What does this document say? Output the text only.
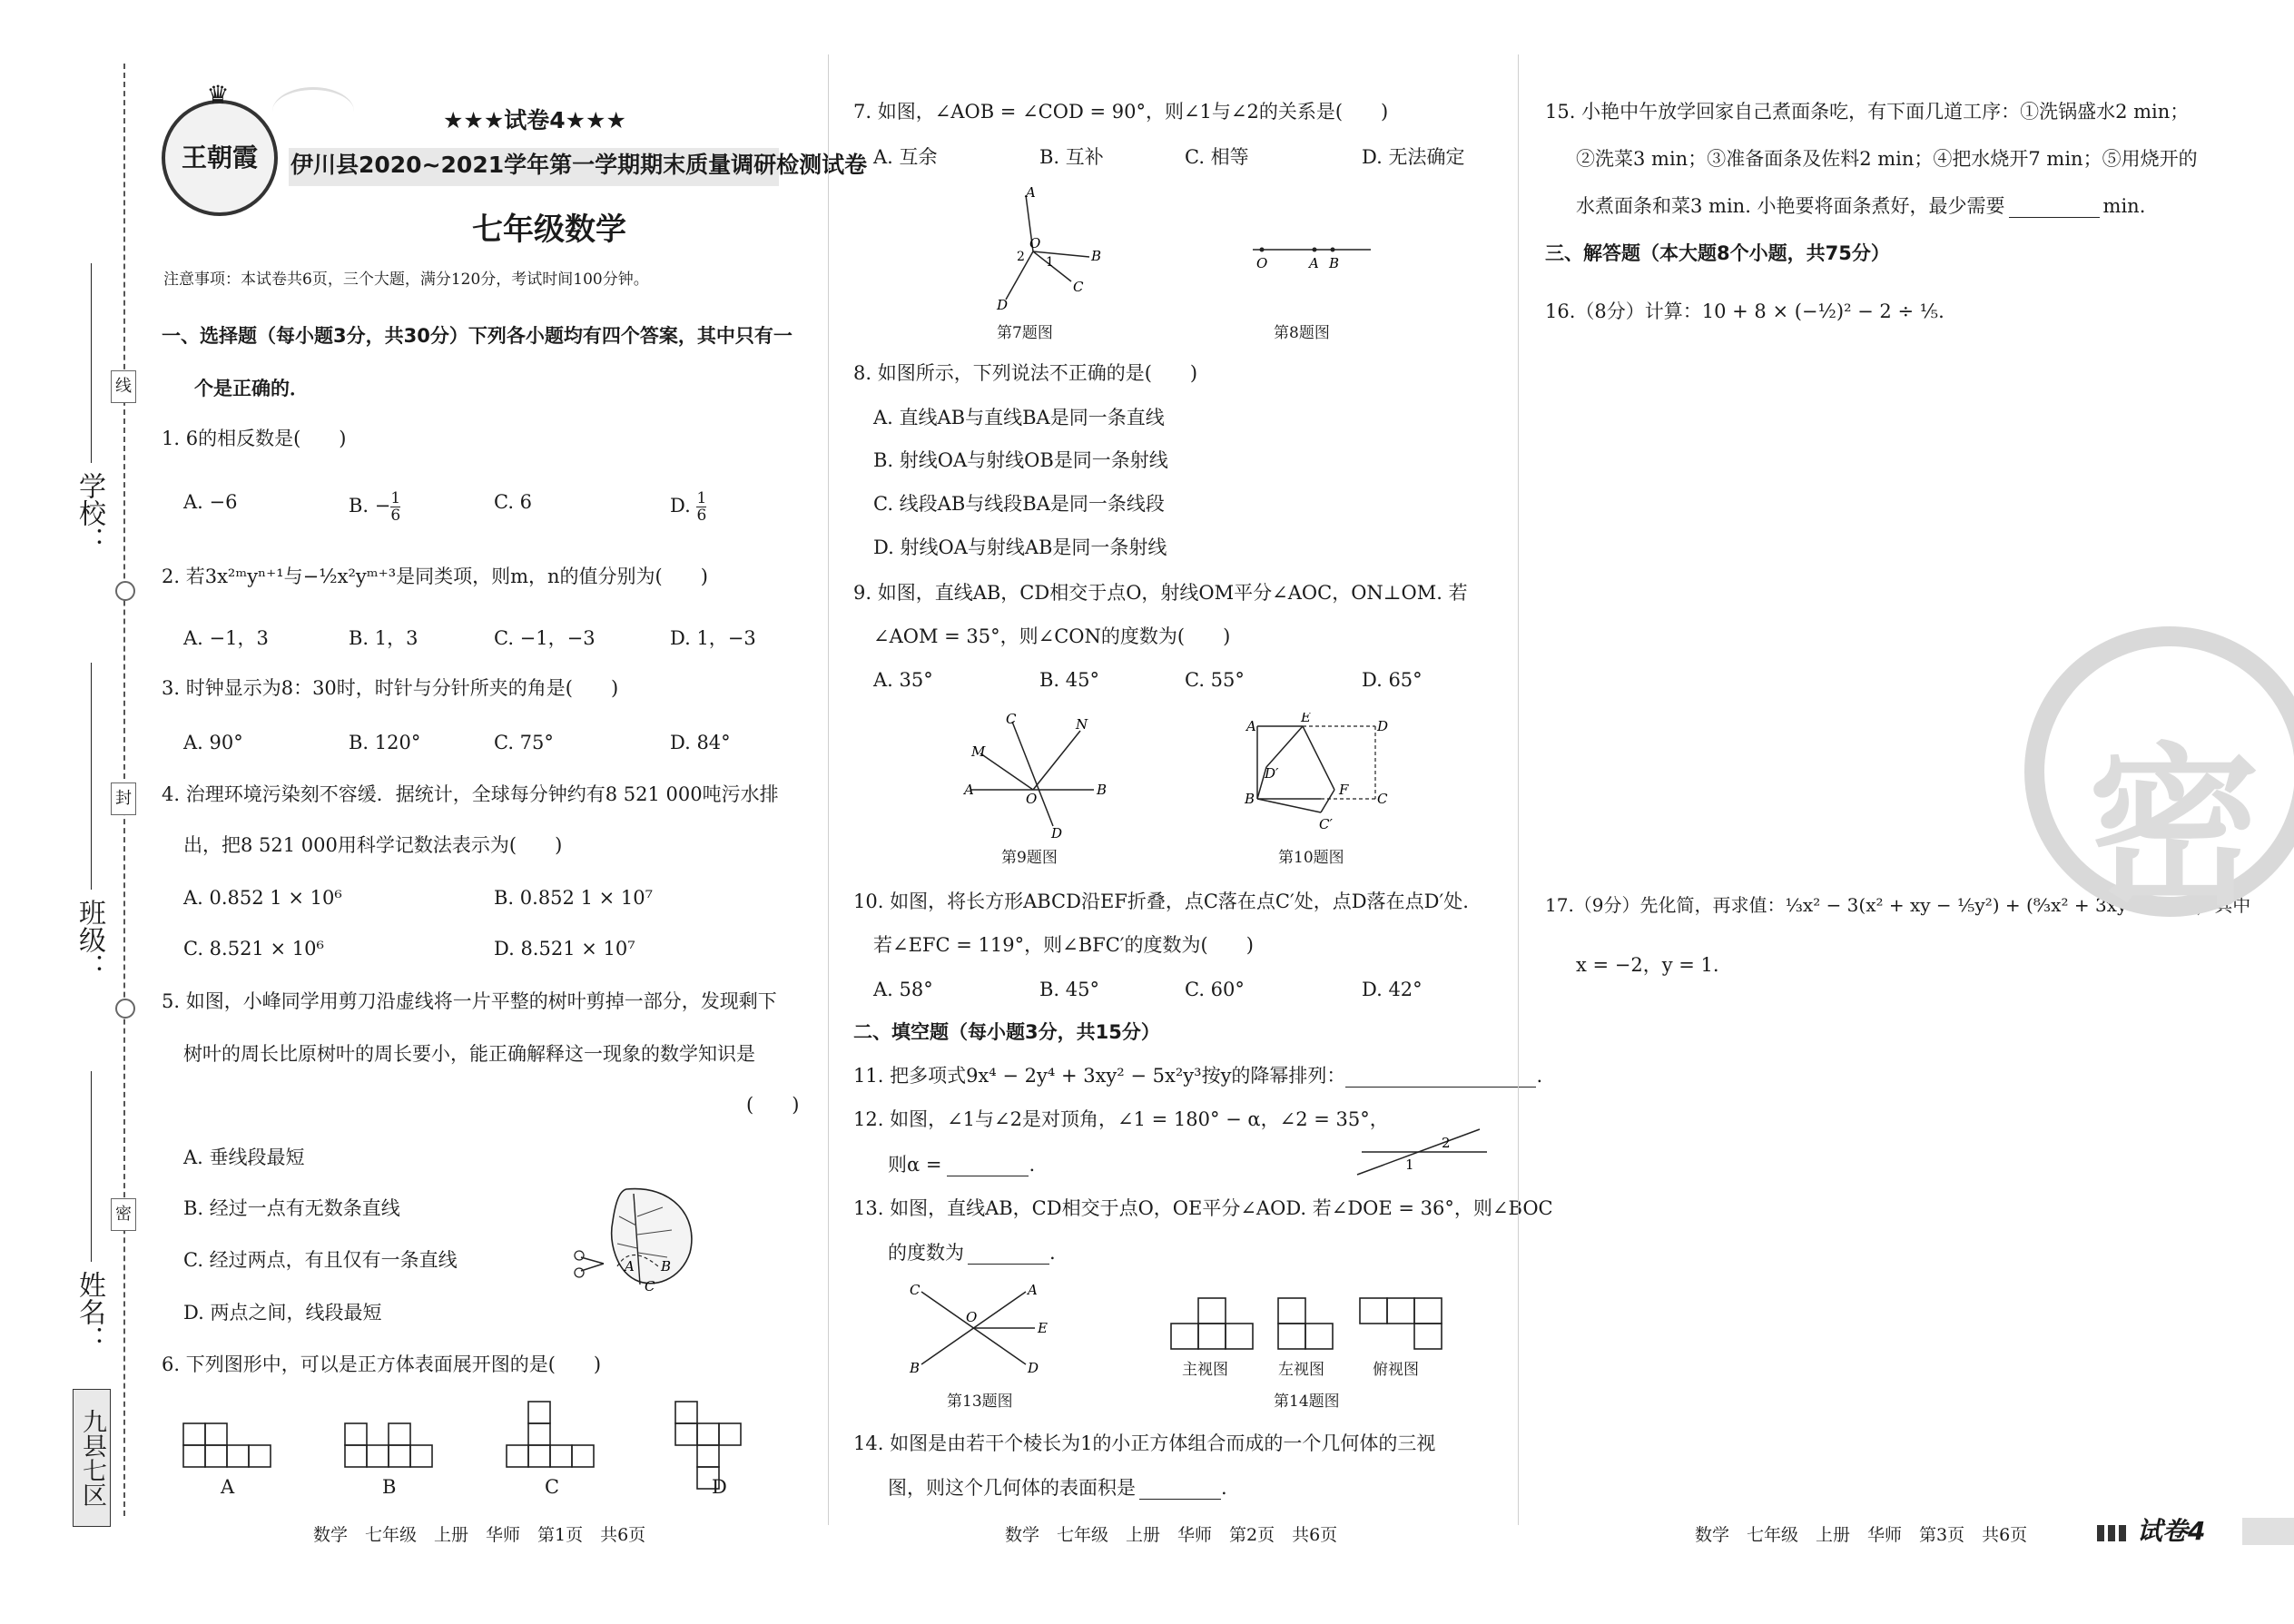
线
封
密
学校：
班级：
姓名：
九县七区
♛
王朝霞
★★★试卷4★★★
伊川县2020~2021学年第一学期期末质量调研检测试卷
七年级数学
注意事项：本试卷共6页，三个大题，满分120分，考试时间100分钟。
一、选择题（每小题3分，共30分）下列各小题均有四个答案，其中只有一
个是正确的．
1. 6的相反数是(　　)
A. −6	B. − $\frac{1}{6}$	C. 6	D. $\frac{1}{6}$
2. 若3x²ᵐyⁿ⁺¹与−½x²yᵐ⁺³是同类项，则m，n的值分别为(　　)
A. −1，3	B. 1，3	C. −1，−3	D. 1，−3
3. 时钟显示为8：30时，时针与分针所夹的角是(　　)
A. 90°	B. 120°	C. 75°	D. 84°
4. 治理环境污染刻不容缓．据统计，全球每分钟约有8 521 000吨污水排
出，把8 521 000用科学记数法表示为(　　)
A. 0.852 1 × 10⁶	B. 0.852 1 × 10⁷
C. 8.521 × 10⁶	D. 8.521 × 10⁷
5. 如图，小峰同学用剪刀沿虚线将一片平整的树叶剪掉一部分，发现剩下
树叶的周长比原树叶的周长要小，能正确解释这一现象的数学知识是
(　　)
A. 垂线段最短
B. 经过一点有无数条直线
C. 经过两点，有且仅有一条直线
D. 两点之间，线段最短
A B
C
6. 下列图形中，可以是正方体表面展开图的是(　　)
A	B	C	D
数学　七年级　上册　华师　第1页　共6页
7. 如图，∠AOB = ∠COD = 90°，则∠1与∠2的关系是(　　)
A. 互余	B. 互补	C. 相等	D. 无法确定
A
O
B
C
D
2 1	O	A B
第7题图	第8题图
8. 如图所示，下列说法不正确的是(　　)
A. 直线AB与直线BA是同一条直线
B. 射线OA与射线OB是同一条射线
C. 线段AB与线段BA是同一条线段
D. 射线OA与射线AB是同一条射线
9. 如图，直线AB，CD相交于点O，射线OM平分∠AOC，ON⊥OM. 若
∠AOM = 35°，则∠CON的度数为(　　)
A. 35°	B. 45°	C. 55°	D. 65°
C	N
M
A
O
B
D
A
E
D
D′
F
C
B
C′
第9题图	第10题图
10. 如图，将长方形ABCD沿EF折叠，点C落在点C′处，点D落在点D′处.
若∠EFC = 119°，则∠BFC′的度数为(　　)
A. 58°	B. 45°	C. 60°	D. 42°
二、填空题（每小题3分，共15分）
11. 把多项式9x⁴ − 2y⁴ + 3xy² − 5x²y³按y的降幂排列：	.
12. 如图，∠1与∠2是对顶角，∠1 = 180° − α，∠2 = 35°，
则α =	.	1
2
13. 如图，直线AB，CD相交于点O，OE平分∠AOD. 若∠DOE = 36°，则∠BOC
的度数为	.
C	A
O
E
B	D	主视图	左视图	俯视图
第13题图	第14题图
14. 如图是由若干个棱长为1的小正方体组合而成的一个几何体的三视
图，则这个几何体的表面积是	.
数学　七年级　上册　华师　第2页　共6页
15. 小艳中午放学回家自己煮面条吃，有下面几道工序：①洗锅盛水2 min；
②洗菜3 min；③准备面条及佐料2 min；④把水烧开7 min；⑤用烧开的
水煮面条和菜3 min. 小艳要将面条煮好，最少需要	min.
三、解答题（本大题8个小题，共75分）
16.（8分）计算：10 + 8 × (−½)² − 2 ÷ ⅕.
17.（9分）先化简，再求值：⅓x² − 3(x² + xy − ⅕y²) + (⁸⁄₃x² + 3xy + ⅖y²)，其中
x = −2，y = 1.
密
数学　七年级　上册　华师　第3页　共6页	试卷4
